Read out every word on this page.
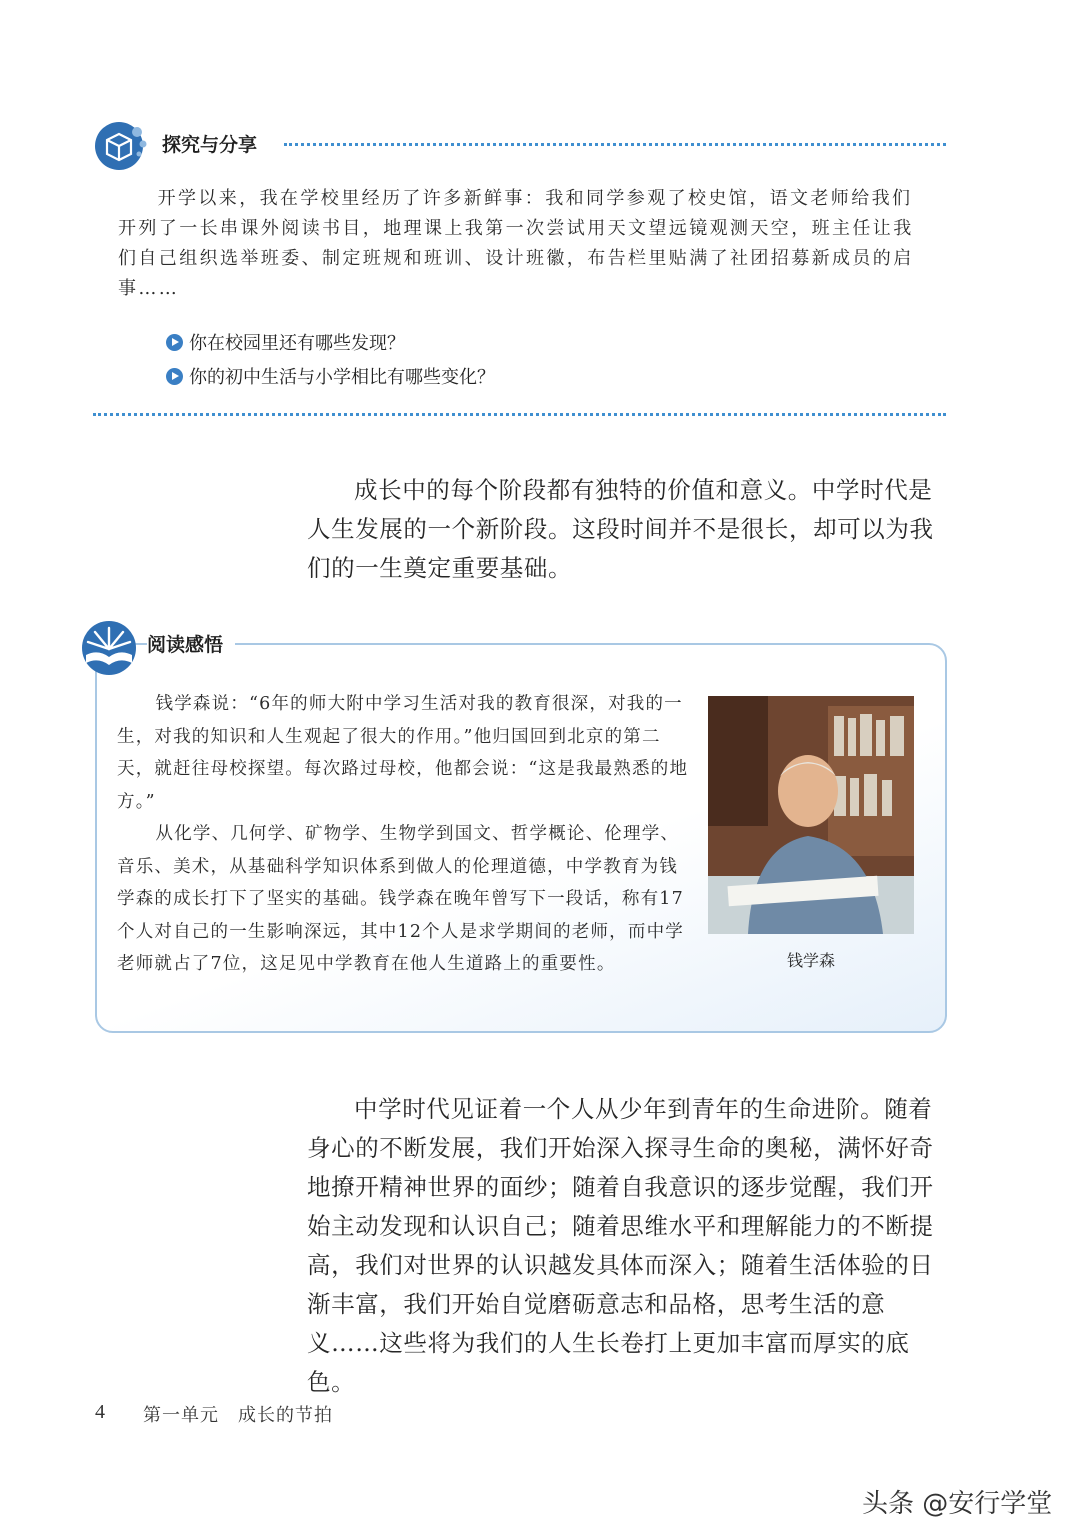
探究与分享
开学以来，我在学校里经历了许多新鲜事：我和同学参观了校史馆，语文老师给我们开列了一长串课外阅读书目，地理课上我第一次尝试用天文望远镜观测天空，班主任让我们自己组织选举班委、制定班规和班训、设计班徽，布告栏里贴满了社团招募新成员的启事……
你在校园里还有哪些发现？
你的初中生活与小学相比有哪些变化？
成长中的每个阶段都有独特的价值和意义。中学时代是人生发展的一个新阶段。这段时间并不是很长，却可以为我们的一生奠定重要基础。
阅读感悟

钱学森说：“6年的师大附中学习生活对我的教育很深，对我的一生，对我的知识和人生观起了很大的作用。”他归国回到北京的第二天，就赶往母校探望。每次路过母校，他都会说：“这是我最熟悉的地方。”

从化学、几何学、矿物学、生物学到国文、哲学概论、伦理学、音乐、美术，从基础科学知识体系到做人的伦理道德，中学教育为钱学森的成长打下了坚实的基础。钱学森在晚年曾写下一段话，称有17个人对自己的一生影响深远，其中12个人是求学期间的老师，而中学老师就占了7位，这足见中学教育在他人生道路上的重要性。	钱学森
中学时代见证着一个人从少年到青年的生命进阶。随着身心的不断发展，我们开始深入探寻生命的奥秘，满怀好奇地撩开精神世界的面纱；随着自我意识的逐步觉醒，我们开始主动发现和认识自己；随着思维水平和理解能力的不断提高，我们对世界的认识越发具体而深入；随着生活体验的日渐丰富，我们开始自觉磨砺意志和品格，思考生活的意义……这些将为我们的人生长卷打上更加丰富而厚实的底色。
4 第一单元　成长的节拍
头条 @安行学堂
